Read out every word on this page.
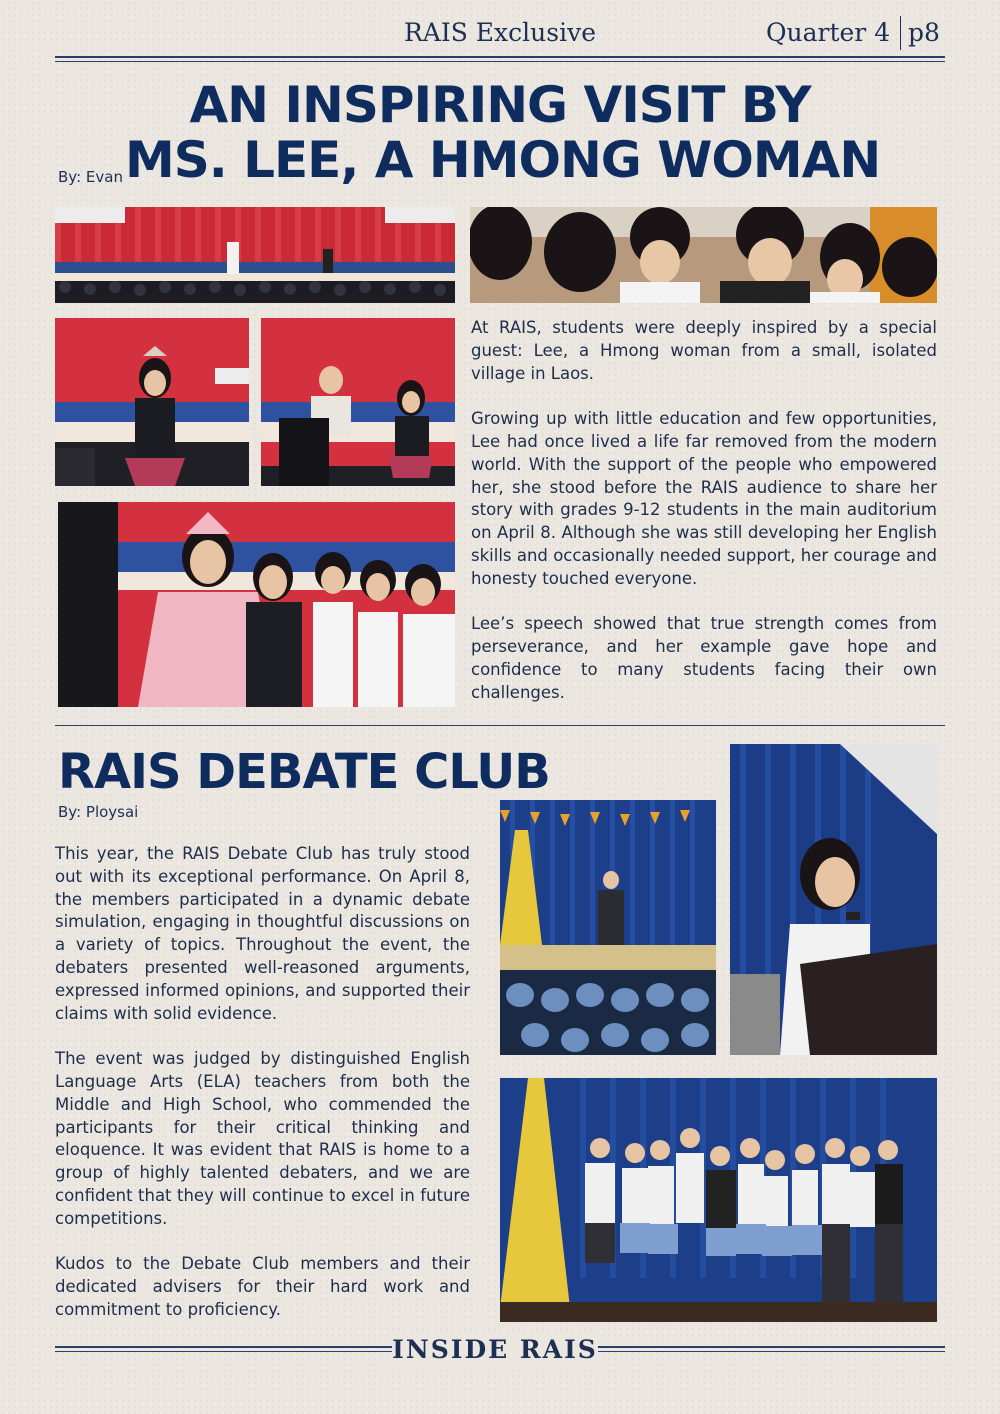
RAIS Exclusive	Quarter 4 p8
AN INSPIRING VISIT BY
By: Evan MS. LEE, A HMONG WOMAN

At RAIS, students were deeply inspired by a special guest: Lee, a Hmong woman from a small, isolated village in Laos.

Growing up with little education and few opportunities, Lee had once lived a life far removed from the modern world. With the support of the people who empowered her, she stood before the RAIS audience to share her story with grades 9-12 students in the main auditorium on April 8. Although she was still developing her English skills and occasionally needed support, her courage and honesty touched everyone.

Lee’s speech showed that true strength comes from perseverance, and her example gave hope and confidence to many students facing their own challenges.

RAIS DEBATE CLUB
By: Ploysai

This year, the RAIS Debate Club has truly stood out with its exceptional performance. On April 8, the members participated in a dynamic debate simulation, engaging in thoughtful discussions on a variety of topics. Throughout the event, the debaters presented well-reasoned arguments, expressed informed opinions, and supported their claims with solid evidence.

The event was judged by distinguished English Language Arts (ELA) teachers from both the Middle and High School, who commended the participants for their critical thinking and eloquence. It was evident that RAIS is home to a group of highly talented debaters, and we are confident that they will continue to excel in future competitions.

Kudos to the Debate Club members and their dedicated advisers for their hard work and commitment to proficiency.

INSIDE RAIS
